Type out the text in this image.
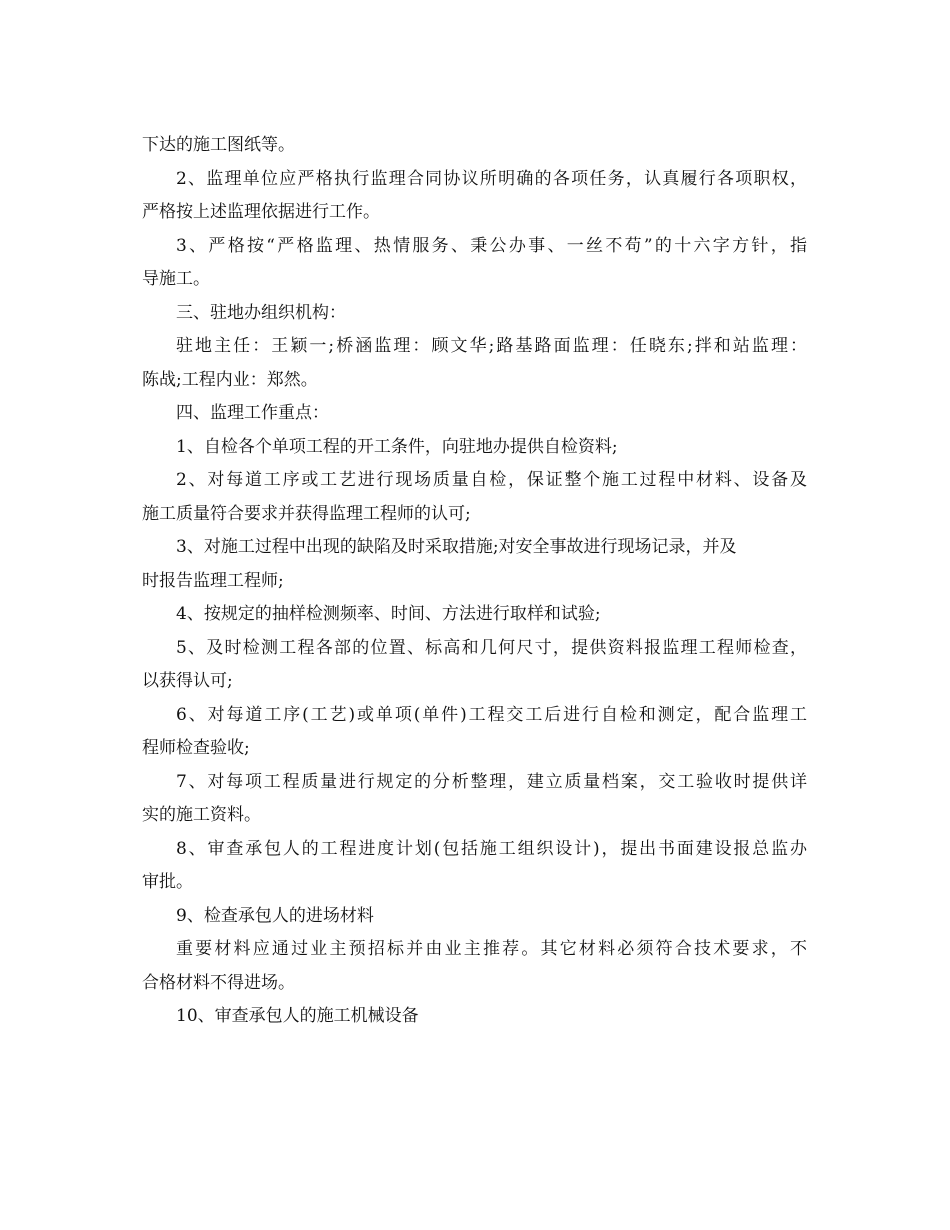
下达的施工图纸等。
2、监理单位应严格执行监理合同协议所明确的各项任务，认真履行各项职权，
严格按上述监理依据进行工作。
3、严格按“严格监理、热情服务、秉公办事、一丝不苟”的十六字方针，指
导施工。
三、驻地办组织机构：
驻地主任：王颖一;桥涵监理：顾文华;路基路面监理：任晓东;拌和站监理：
陈战;工程内业：郑然。
四、监理工作重点：
1、自检各个单项工程的开工条件，向驻地办提供自检资料;
2、对每道工序或工艺进行现场质量自检，保证整个施工过程中材料、设备及
施工质量符合要求并获得监理工程师的认可;
3、对施工过程中出现的缺陷及时采取措施;对安全事故进行现场记录，并及
时报告监理工程师;
4、按规定的抽样检测频率、时间、方法进行取样和试验;
5、及时检测工程各部的位置、标高和几何尺寸，提供资料报监理工程师检查，
以获得认可;
6、对每道工序(工艺)或单项(单件)工程交工后进行自检和测定，配合监理工
程师检查验收;
7、对每项工程质量进行规定的分析整理，建立质量档案，交工验收时提供详
实的施工资料。
8、审查承包人的工程进度计划(包括施工组织设计)，提出书面建设报总监办
审批。
9、检查承包人的进场材料
重要材料应通过业主预招标并由业主推荐。其它材料必须符合技术要求，不
合格材料不得进场。
10、审查承包人的施工机械设备
